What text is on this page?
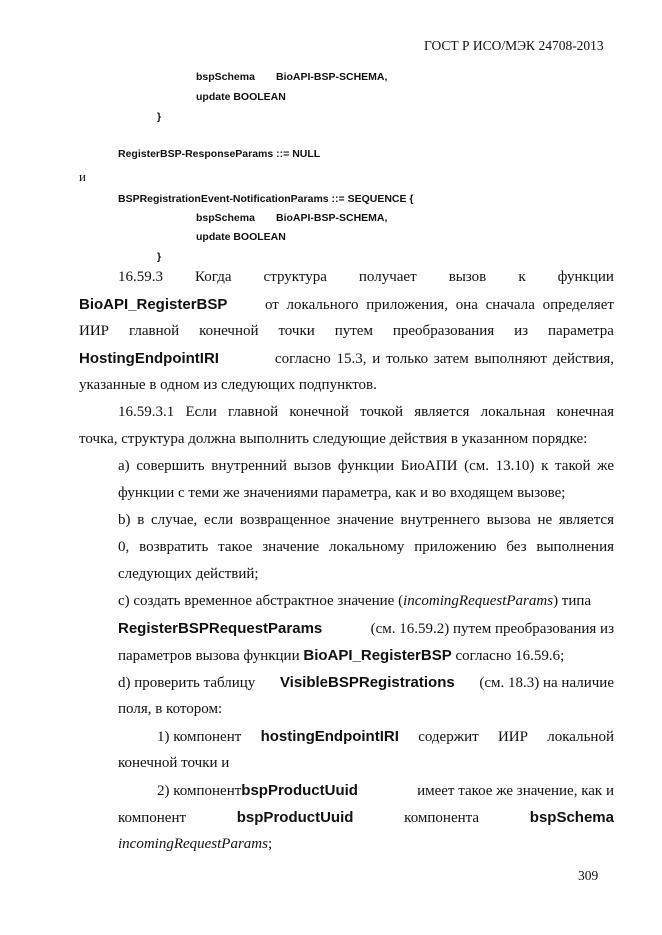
ГОСТ Р ИСО/МЭК 24708-2013
bspSchema BioAPI-BSP-SCHEMA,
update BOOLEAN
}
RegisterBSP-ResponseParams ::= NULL
и
BSPRegistrationEvent-NotificationParams ::= SEQUENCE {
bspSchema BioAPI-BSP-SCHEMA,
update BOOLEAN
}
16.59.3 Когда структура получает вызов к функции
BioAPI_RegisterBSP	от локального приложения, она сначала определяет
ИИР главной конечной точки путем преобразования из параметра
HostingEndpointIRI	согласно 15.3, и только затем выполняют действия,
указанные в одном из следующих подпунктов.
16.59.3.1 Если главной конечной точкой является локальная конечная
точка, структура должна выполнить следующие действия в указанном порядке:
a) совершить внутренний вызов функции БиоАПИ (см. 13.10) к такой же
функции с теми же значениями параметра, как и во входящем вызове;
b) в случае, если возвращенное значение внутреннего вызова не является
0, возвратить такое значение локальному приложению без выполнения
следующих действий;
c) создать временное абстрактное значение (incomingRequestParams) типа
RegisterBSPRequestParams	(см. 16.59.2) путем преобразования из
параметров вызова функции BioAPI_RegisterBSP согласно 16.59.6;
d) проверить таблицу VisibleBSPRegistrations (см. 18.3) на наличие
поля, в котором:
1) компонент hostingEndpointIRI содержит ИИР локальной
конечной точки и
2) компонент bspProductUuid	имеет такое же значение, как и
компонент	bspProductUuid	компонента	bspSchema
incomingRequestParams;
309
